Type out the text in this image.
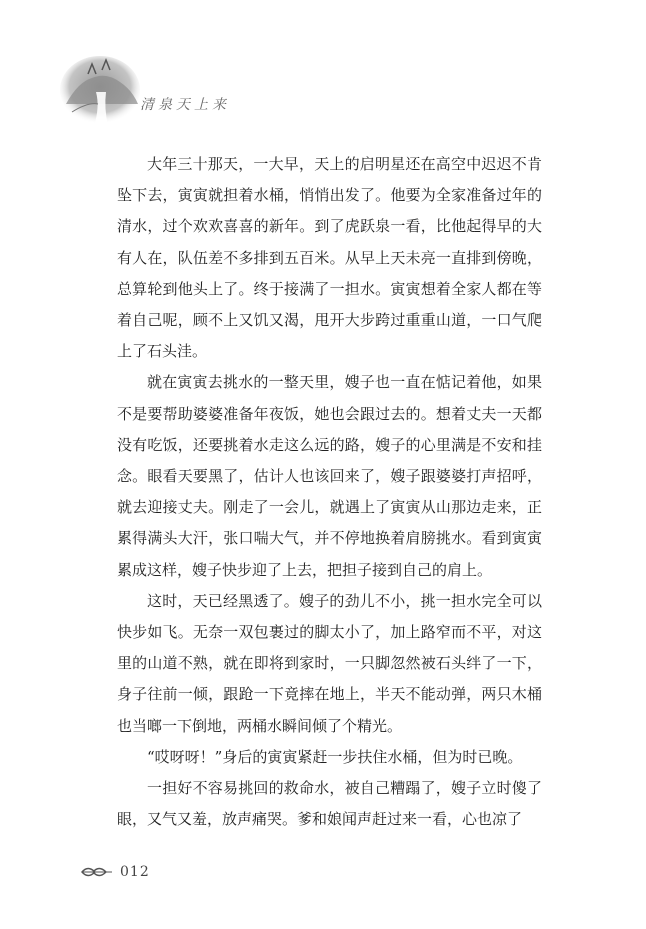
清泉天上来

大年三十那天，一大早，天上的启明星还在高空中迟迟不肯坠下去，寅寅就担着水桶，悄悄出发了。他要为全家准备过年的清水，过个欢欢喜喜的新年。到了虎跃泉一看，比他起得早的大有人在，队伍差不多排到五百米。从早上天未亮一直排到傍晚，总算轮到他头上了。终于接满了一担水。寅寅想着全家人都在等着自己呢，顾不上又饥又渴，甩开大步跨过重重山道，一口气爬上了石头洼。

就在寅寅去挑水的一整天里，嫂子也一直在惦记着他，如果不是要帮助婆婆准备年夜饭，她也会跟过去的。想着丈夫一天都没有吃饭，还要挑着水走这么远的路，嫂子的心里满是不安和挂念。眼看天要黑了，估计人也该回来了，嫂子跟婆婆打声招呼，就去迎接丈夫。刚走了一会儿，就遇上了寅寅从山那边走来，正累得满头大汗，张口喘大气，并不停地换着肩膀挑水。看到寅寅累成这样，嫂子快步迎了上去，把担子接到自己的肩上。

这时，天已经黑透了。嫂子的劲儿不小，挑一担水完全可以快步如飞。无奈一双包裹过的脚太小了，加上路窄而不平，对这里的山道不熟，就在即将到家时，一只脚忽然被石头绊了一下，身子往前一倾，跟跄一下竟摔在地上，半天不能动弹，两只木桶也当啷一下倒地，两桶水瞬间倾了个精光。

“哎呀呀！”身后的寅寅紧赶一步扶住水桶，但为时已晚。

一担好不容易挑回的救命水，被自己糟蹋了，嫂子立时傻了眼，又气又羞，放声痛哭。爹和娘闻声赶过来一看，心也凉了

012
